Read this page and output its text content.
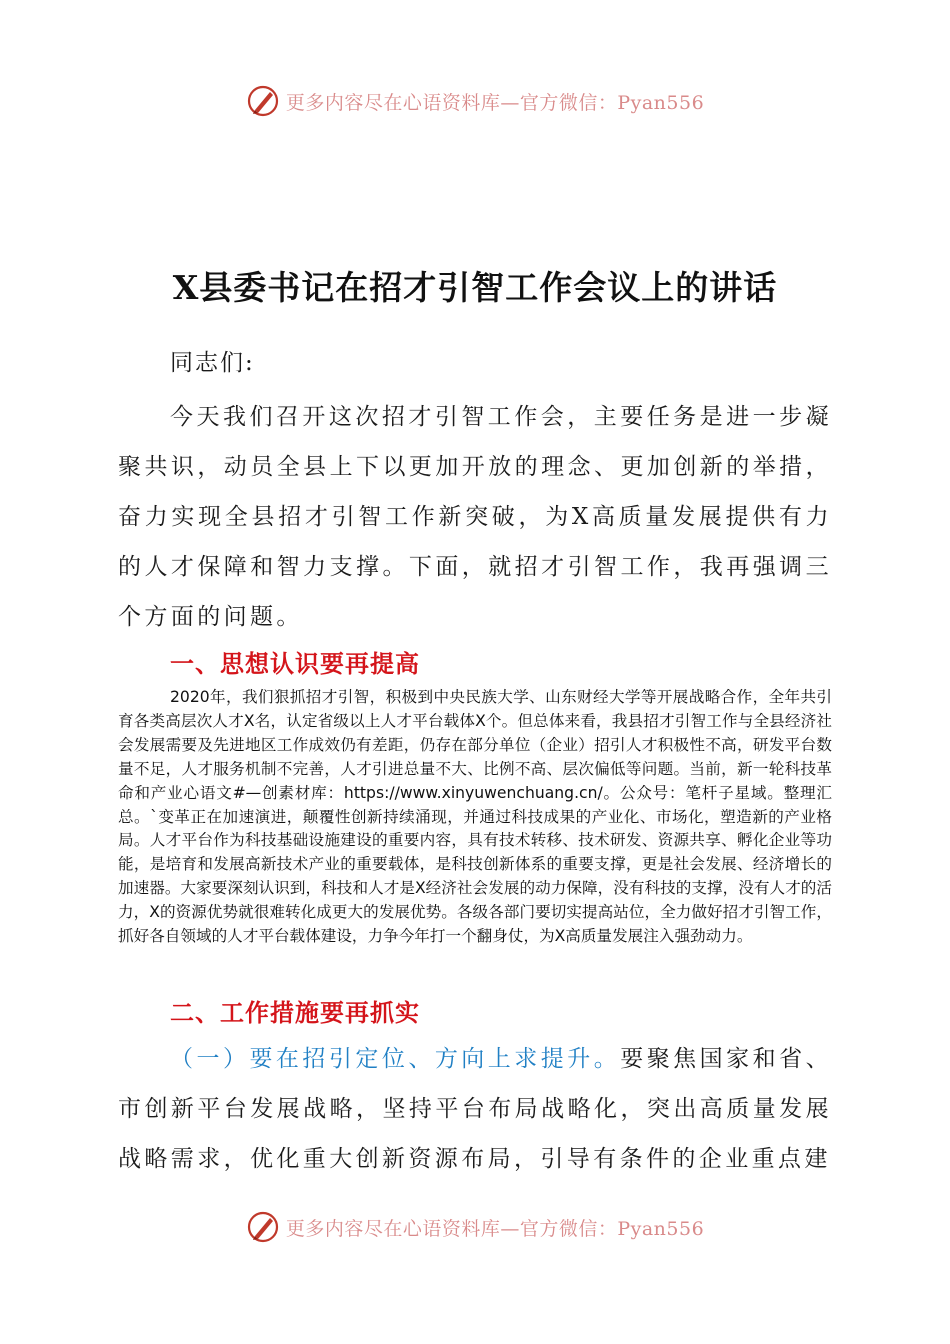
更多内容尽在心语资料库—官方微信：Pyan556
X县委书记在招才引智工作会议上的讲话
同志们:

今天我们召开这次招才引智工作会，主要任务是进一步凝聚共识，动员全县上下以更加开放的理念、更加创新的举措，奋力实现全县招才引智工作新突破，为X高质量发展提供有力的人才保障和智力支撑。下面，就招才引智工作，我再强调三个方面的问题。

一、思想认识要再提高

2020年，我们狠抓招才引智，积极到中央民族大学、山东财经大学等开展战略合作，全年共引育各类高层次人才X名，认定省级以上人才平台载体X个。但总体来看，我县招才引智工作与全县经济社会发展需要及先进地区工作成效仍有差距，仍存在部分单位（企业）招引人才积极性不高，研发平台数量不足，人才服务机制不完善，人才引进总量不大、比例不高、层次偏低等问题。当前，新一轮科技革命和产业心语文#—创素材库：https://www.xinyuwenchuang.cn/。公众号：笔杆子星域。整理汇总。`变革正在加速演进，颠覆性创新持续涌现，并通过科技成果的产业化、市场化，塑造新的产业格局。人才平台作为科技基础设施建设的重要内容，具有技术转移、技术研发、资源共享、孵化企业等功能，是培育和发展高新技术产业的重要载体，是科技创新体系的重要支撑，更是社会发展、经济增长的加速器。大家要深刻认识到，科技和人才是X经济社会发展的动力保障，没有科技的支撑，没有人才的活力，X的资源优势就很难转化成更大的发展优势。各级各部门要切实提高站位，全力做好招才引智工作，抓好各自领域的人才平台载体建设，力争今年打一个翻身仗，为X高质量发展注入强劲动力。

二、工作措施要再抓实

（一）要在招引定位、方向上求提升。要聚焦国家和省、市创新平台发展战略，坚持平台布局战略化，突出高质量发展战略需求，优化重大创新资源布局，引导有条件的企业重点建

更多内容尽在心语资料库—官方微信：Pyan556
